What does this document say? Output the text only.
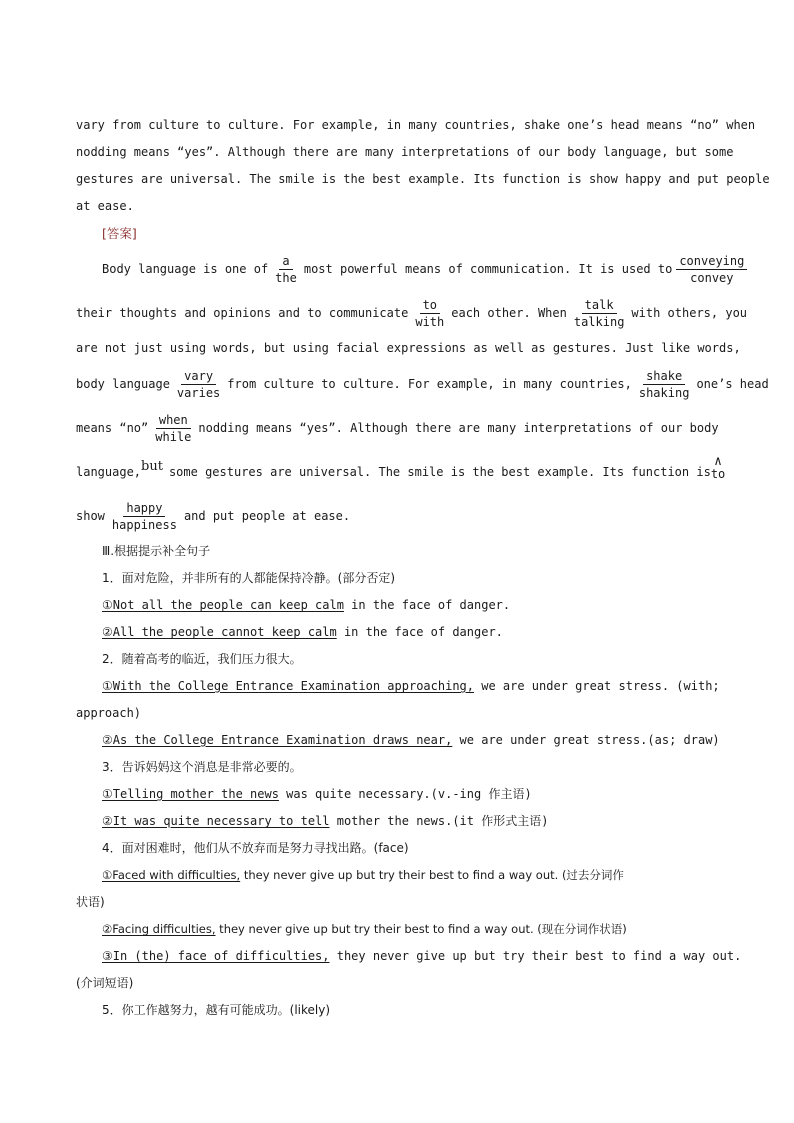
vary from culture to culture. For example, in many countries, shake one’s head means “no” when
nodding means “yes”. Although there are many interpretations of our body language, but some
gestures are universal. The smile is the best example. Its function is show happy and put people
at ease.
[答案]
Body language is one of
a
the
most powerful means of communication. It is used to
conveying
convey
their thoughts and opinions and to communicate
to
with
each other. When
talk
talking
with others, you
are not just using words, but using facial expressions as well as gestures. Just like words,
body language
vary
varies
from culture to culture. For example, in many countries,
shake
shaking
one’s head
means “no”
when
while
nodding means “yes”. Although there are many interpretations of our body
language, but some gestures are universal. The smile is the best example. Its function is
∧
to
show
happy
happiness
and put people at ease.
Ⅲ.根据提示补全句子
1．面对危险，并非所有的人都能保持冷静。(部分否定)
①Not all the people can keep calm in the face of danger.
②All the people cannot keep calm in the face of danger.
2．随着高考的临近，我们压力很大。
①With the College Entrance Examination approaching, we are under great stress. (with;
approach)
②As the College Entrance Examination draws near, we are under great stress.(as; draw)
3．告诉妈妈这个消息是非常必要的。
①Telling mother the news was quite necessary.(v.-ing 作主语)
②It was quite necessary to tell mother the news.(it 作形式主语)
4．面对困难时，他们从不放弃而是努力寻找出路。(face)
①Faced with difficulties, they never give up but try their best to find a way out. (过去分词作
状语)
②Facing difficulties, they never give up but try their best to find a way out. (现在分词作状语)
③In (the) face of difficulties, they never give up but try their best to find a way out.
(介词短语)
5．你工作越努力，越有可能成功。(likely)
